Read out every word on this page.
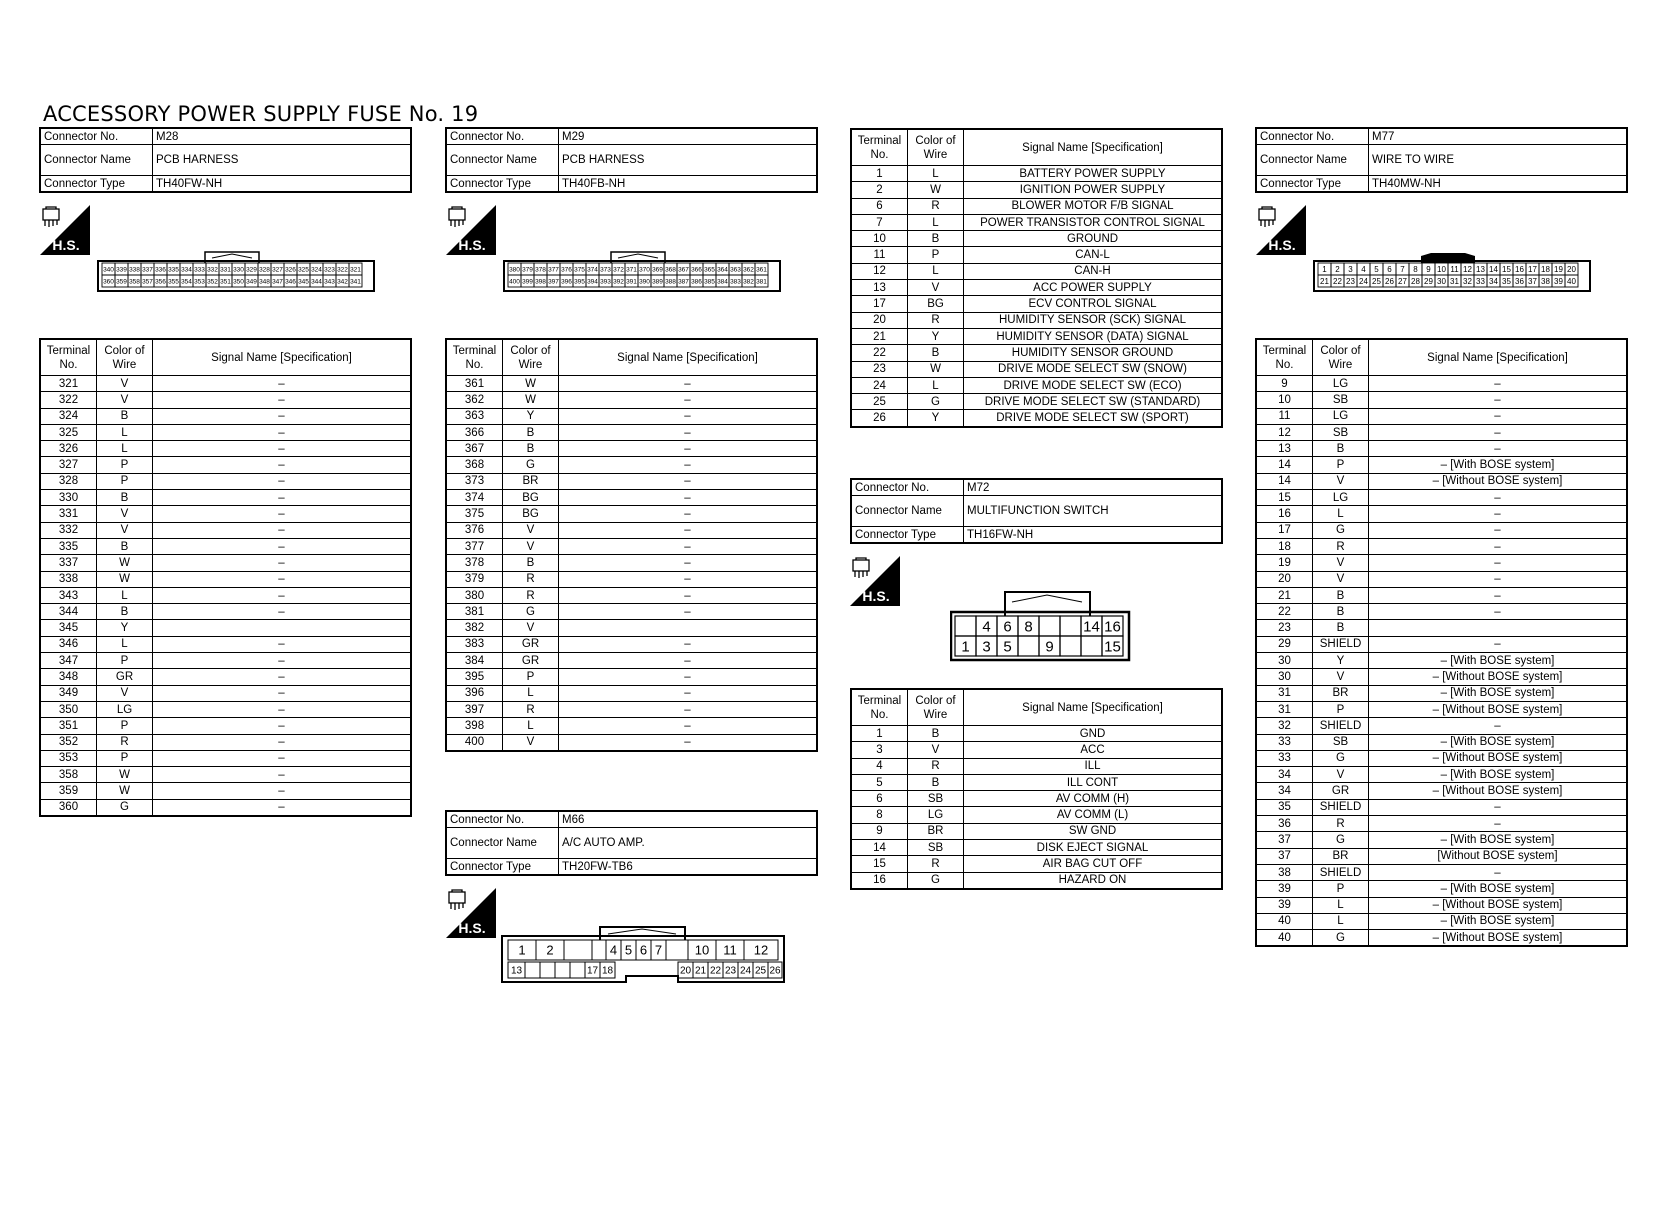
ACCESSORY POWER SUPPLY FUSE No. 19
Connector No.	M28
Connector Name	PCB HARNESS
Connector Type	TH40FW-NH
H.S.
340 339 338 337 336 335 334 333 332 331 330 329 328 327 326 325 324 323 322 321
360 359 358 357 356 355 354 353 352 351 350 349 348 347 346 345 344 343 342 341
Terminal No.	Color of Wire	Signal Name [Specification]
321	V	–
322	V	–
324	B	–
325	L	–
326	L	–
327	P	–
328	P	–
330	B	–
331	V	–
332	V	–
335	B	–
337	W	–
338	W	–
343	L	–
344	B	–
345	Y	
346	L	–
347	P	–
348	GR	–
349	V	–
350	LG	–
351	P	–
352	R	–
353	P	–
358	W	–
359	W	–
360	G	–
Connector No.	M29
Connector Name	PCB HARNESS
Connector Type	TH40FB-NH
H.S.
380 379 378 377 376 375 374 373 372 371 370 369 368 367 366 365 364 363 362 361
400 399 398 397 396 395 394 393 392 391 390 389 388 387 386 385 384 383 382 381
Terminal No.	Color of Wire	Signal Name [Specification]
361	W	–
362	W	–
363	Y	–
366	B	–
367	B	–
368	G	–
373	BR	–
374	BG	–
375	BG	–
376	V	–
377	V	–
378	B	–
379	R	–
380	R	–
381	G	–
382	V	
383	GR	–
384	GR	–
395	P	–
396	L	–
397	R	–
398	L	–
400	V	–
Connector No.	M66
Connector Name	A/C AUTO AMP.
Connector Type	TH20FW-TB6
H.S.
1 2	4 5 6 7	10 11 12
13	17 18	20 21 22 23 24 25 26
Terminal No.	Color of Wire	Signal Name [Specification]
1	L	BATTERY POWER SUPPLY
2	W	IGNITION POWER SUPPLY
6	R	BLOWER MOTOR F/B SIGNAL
7	L	POWER TRANSISTOR CONTROL SIGNAL
10	B	GROUND
11	P	CAN-L
12	L	CAN-H
13	V	ACC POWER SUPPLY
17	BG	ECV CONTROL SIGNAL
20	R	HUMIDITY SENSOR (SCK) SIGNAL
21	Y	HUMIDITY SENSOR (DATA) SIGNAL
22	B	HUMIDITY SENSOR GROUND
23	W	DRIVE MODE SELECT SW (SNOW)
24	L	DRIVE MODE SELECT SW (ECO)
25	G	DRIVE MODE SELECT SW (STANDARD)
26	Y	DRIVE MODE SELECT SW (SPORT)
Connector No.	M72
Connector Name	MULTIFUNCTION SWITCH
Connector Type	TH16FW-NH
H.S.
4 6 8	14 16
1 3 5 9	15
Terminal No.	Color of Wire	Signal Name [Specification]
1	B	GND
3	V	ACC
4	R	ILL
5	B	ILL CONT
6	SB	AV COMM (H)
8	LG	AV COMM (L)
9	BR	SW GND
14	SB	DISK EJECT SIGNAL
15	R	AIR BAG CUT OFF
16	G	HAZARD ON
Connector No.	M77
Connector Name	WIRE TO WIRE
Connector Type	TH40MW-NH
H.S.
1 2 3 4 5 6 7 8 9 10 11 12 13 14 15 16 17 18 19 20
21 22 23 24 25 26 27 28 29 30 31 32 33 34 35 36 37 38 39 40
Terminal No.	Color of Wire	Signal Name [Specification]
9	LG	–
10	SB	–
11	LG	–
12	SB	–
13	B	–
14	P	– [With BOSE system]
14	V	– [Without BOSE system]
15	LG	–
16	L	–
17	G	–
18	R	–
19	V	–
20	V	–
21	B	–
22	B	–
23	B	
29	SHIELD	–
30	Y	– [With BOSE system]
30	V	– [Without BOSE system]
31	BR	– [With BOSE system]
31	P	– [Without BOSE system]
32	SHIELD	–
33	SB	– [With BOSE system]
33	G	– [Without BOSE system]
34	V	– [With BOSE system]
34	GR	– [Without BOSE system]
35	SHIELD	–
36	R	–
37	G	– [With BOSE system]
37	BR	[Without BOSE system]
38	SHIELD	–
39	P	– [With BOSE system]
39	L	– [Without BOSE system]
40	L	– [With BOSE system]
40	G	– [Without BOSE system]
